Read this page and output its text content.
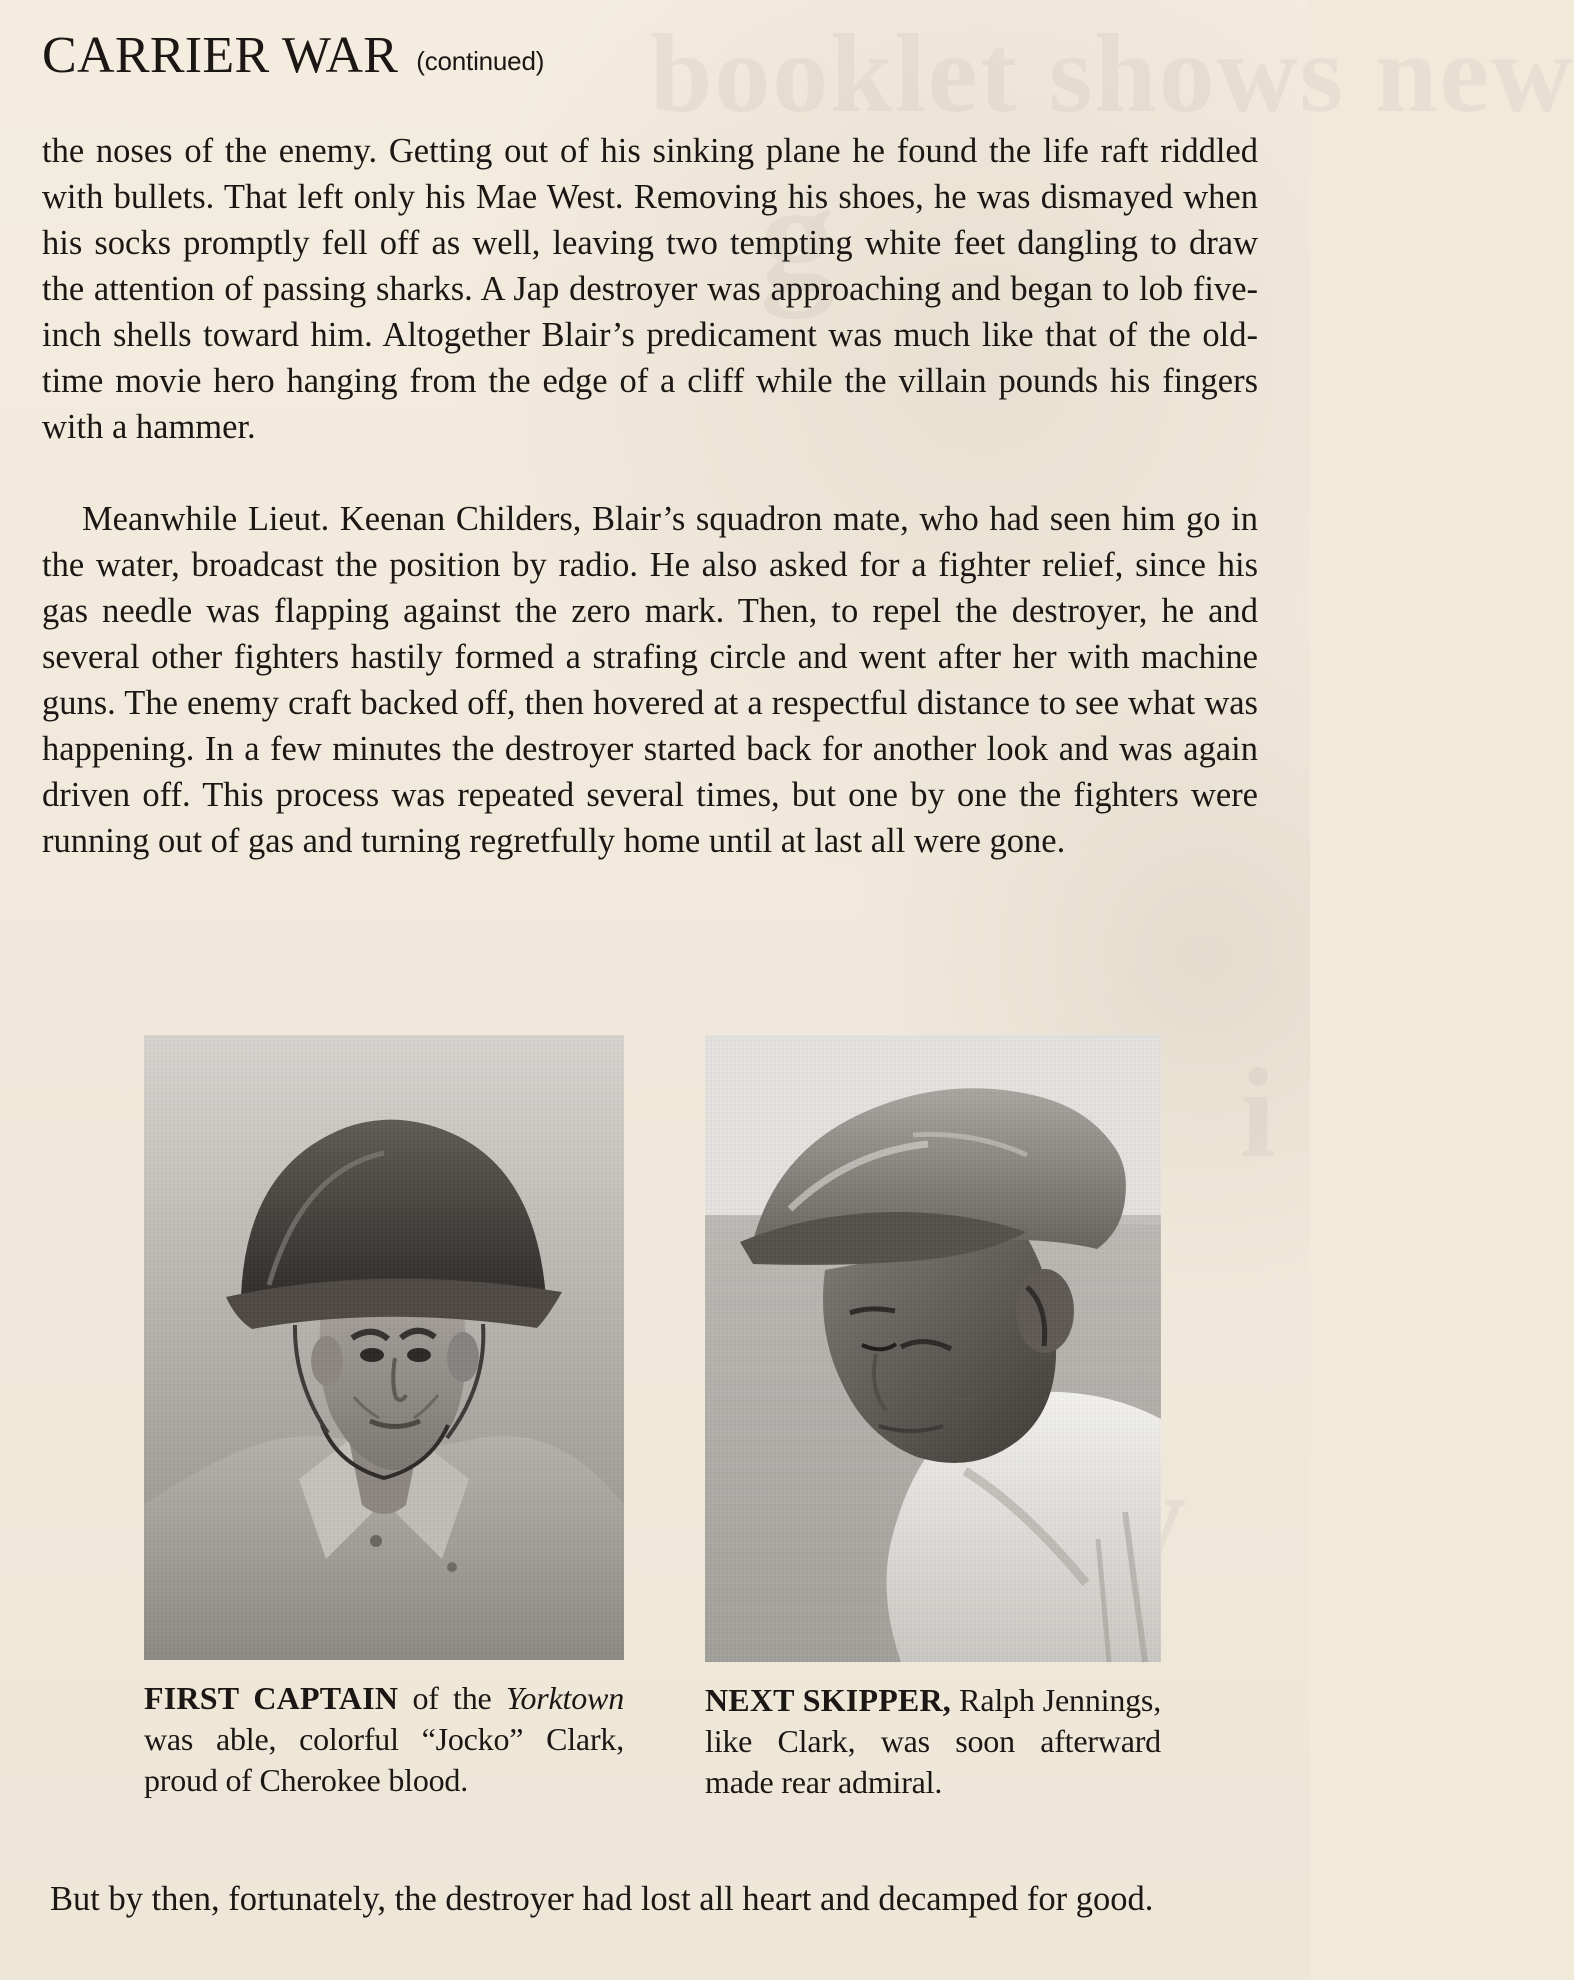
booklet shows new
g
i
CARRIER WAR (continued)

the noses of the enemy. Getting out of his sinking plane he found the life raft riddled with bullets. That left only his Mae West. Removing his shoes, he was dismayed when his socks promptly fell off as well, leaving two tempting white feet dangling to draw the attention of passing sharks. A Jap destroyer was approaching and began to lob five-inch shells toward him. Altogether Blair’s predicament was much like that of the old-time movie hero hanging from the edge of a cliff while the villain pounds his fingers with a hammer.

Meanwhile Lieut. Keenan Childers, Blair’s squadron mate, who had seen him go in the water, broadcast the position by radio. He also asked for a fighter relief, since his gas needle was flapping against the zero mark. Then, to repel the destroyer, he and several other fighters hastily formed a strafing circle and went after her with machine guns. The enemy craft backed off, then hovered at a respectful distance to see what was happening. In a few minutes the destroyer started back for another look and was again driven off. This process was repeated several times, but one by one the fighters were running out of gas and turning regretfully home until at last all were gone.

FIRST CAPTAIN of the Yorktown was able, colorful “Jocko” Clark, proud of Cherokee blood.
NEXT SKIPPER, Ralph Jennings, like Clark, was soon afterward made rear admiral.

But by then, fortunately, the destroyer had lost all heart and decamped for good.
